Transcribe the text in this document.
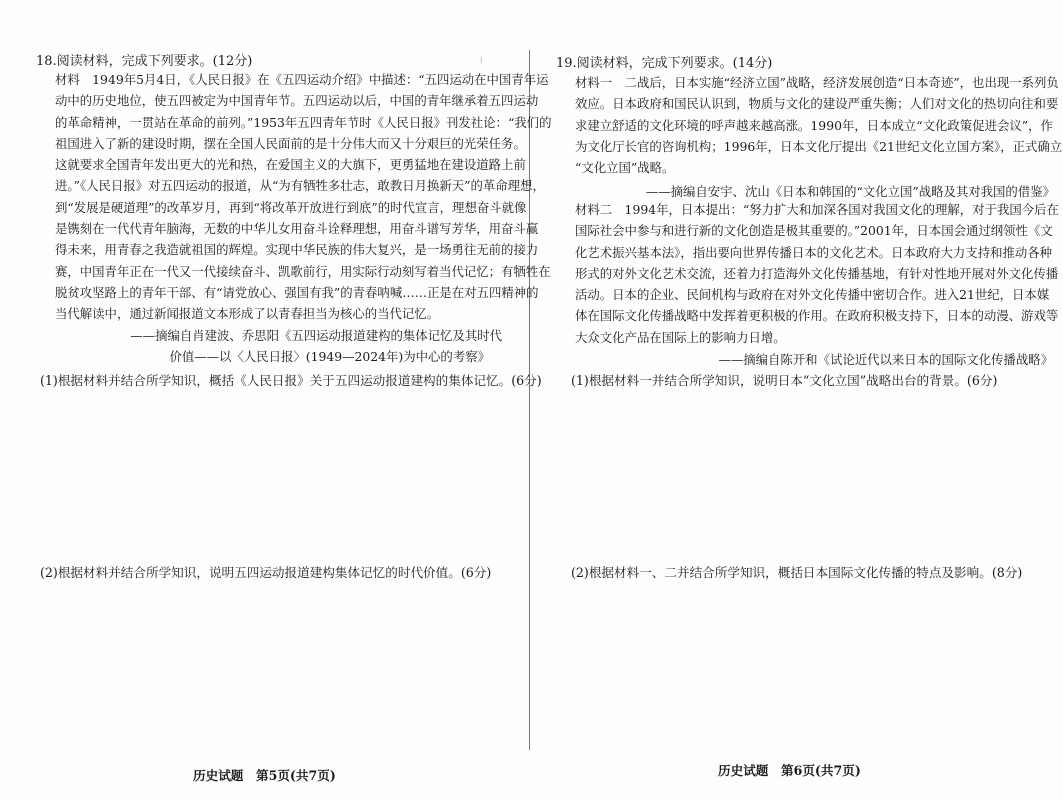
⁞
18.阅读材料，完成下列要求。(12分)

材料　1949年5月4日，《人民日报》在《五四运动介绍》中描述：“五四运动在中国青年运

动中的历史地位，使五四被定为中国青年节。五四运动以后，中国的青年继承着五四运动

的革命精神，一贯站在革命的前列。”1953年五四青年节时《人民日报》刊发社论：“我们的

祖国进入了新的建设时期，摆在全国人民面前的是十分伟大而又十分艰巨的光荣任务。

这就要求全国青年发出更大的光和热，在爱国主义的大旗下，更勇猛地在建设道路上前

进。”《人民日报》对五四运动的报道，从“为有牺牲多壮志，敢教日月换新天”的革命理想，

到“发展是硬道理”的改革岁月，再到“将改革开放进行到底”的时代宣言，理想奋斗就像

是镌刻在一代代青年脑海，无数的中华儿女用奋斗诠释理想，用奋斗谱写芳华，用奋斗赢

得未来，用青春之我造就祖国的辉煌。实现中华民族的伟大复兴，是一场勇往无前的接力

赛，中国青年正在一代又一代接续奋斗、凯歌前行，用实际行动刻写着当代记忆；有牺牲在

脱贫攻坚路上的青年干部、有“请党放心、强国有我”的青春呐喊……正是在对五四精神的

当代解读中，通过新闻报道文本形成了以青春担当为核心的当代记忆。

——摘编自肖建波、乔思阳《五四运动报道建构的集体记忆及其时代
价值——以〈人民日报〉(1949—2024年)为中心的考察》
(1)根据材料并结合所学知识，概括《人民日报》关于五四运动报道建构的集体记忆。(6分)
(2)根据材料并结合所学知识，说明五四运动报道建构集体记忆的时代价值。(6分)
历史试题　第5页(共7页)
19.阅读材料，完成下列要求。(14分)

材料一　二战后，日本实施“经济立国”战略，经济发展创造“日本奇迹”，也出现一系列负

效应。日本政府和国民认识到，物质与文化的建设严重失衡；人们对文化的热切向往和要

求建立舒适的文化环境的呼声越来越高涨。1990年，日本成立“文化政策促进会议”，作

为文化厅长官的咨询机构；1996年，日本文化厅提出《21世纪文化立国方案》，正式确立

“文化立国”战略。

——摘编自安宇、沈山《日本和韩国的“文化立国”战略及其对我国的借鉴》

材料二　1994年，日本提出：“努力扩大和加深各国对我国文化的理解，对于我国今后在

国际社会中参与和进行新的文化创造是极其重要的。”2001年，日本国会通过纲领性《文

化艺术振兴基本法》，指出要向世界传播日本的文化艺术。日本政府大力支持和推动各种

形式的对外文化艺术交流，还着力打造海外文化传播基地，有针对性地开展对外文化传播

活动。日本的企业、民间机构与政府在对外文化传播中密切合作。进入21世纪，日本媒

体在国际文化传播战略中发挥着更积极的作用。在政府积极支持下，日本的动漫、游戏等

大众文化产品在国际上的影响力日增。

——摘编自陈开和《试论近代以来日本的国际文化传播战略》
(1)根据材料一并结合所学知识，说明日本“文化立国”战略出台的背景。(6分)
(2)根据材料一、二并结合所学知识，概括日本国际文化传播的特点及影响。(8分)
历史试题　第6页(共7页)
